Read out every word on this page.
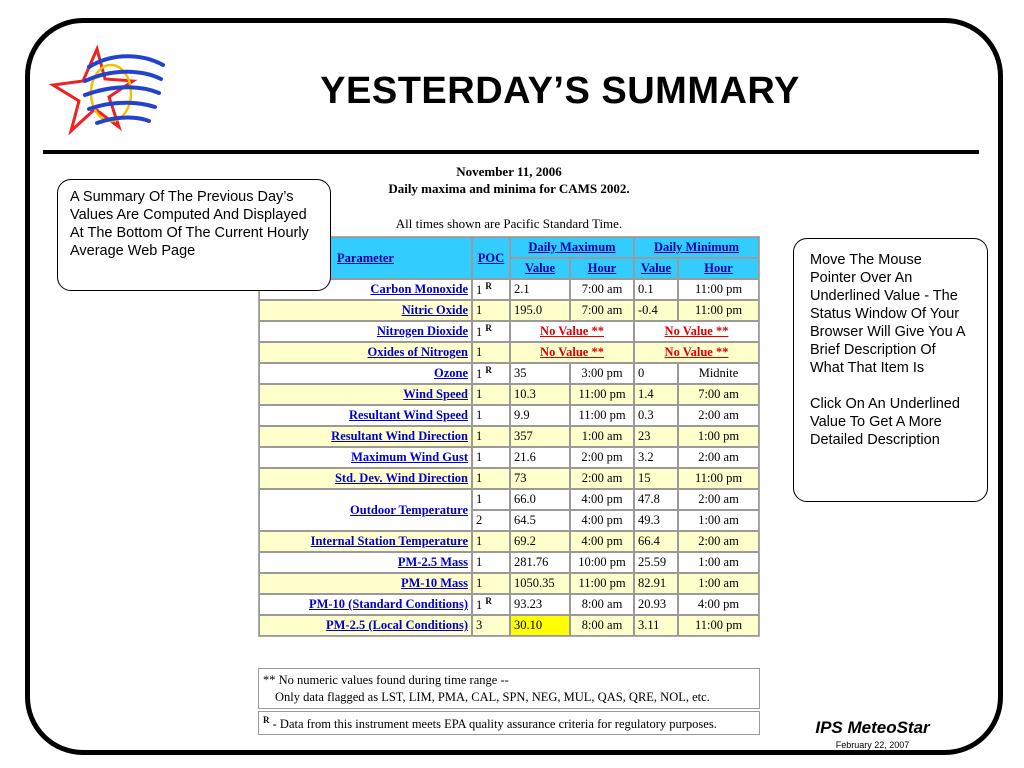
YESTERDAY’S SUMMARY
November 11, 2006
Daily maxima and minima for CAMS 2002.
All times shown are Pacific Standard Time.
Parameter	POC	Daily Maximum		Daily Minimum	
		Value	Hour	Value	Hour
Carbon Monoxide	1 $^R$	2.1	7:00 am	0.1	11:00 pm
Nitric Oxide	1	195.0	7:00 am	-0.4	11:00 pm
Nitrogen Dioxide	1 $^R$	No Value **		No Value **	
Oxides of Nitrogen	1	No Value **		No Value **	
Ozone	1 $^R$	35	3:00 pm	0	Midnite
Wind Speed	1	10.3	11:00 pm	1.4	7:00 am
Resultant Wind Speed	1	9.9	11:00 pm	0.3	2:00 am
Resultant Wind Direction	1	357	1:00 am	23	1:00 pm
Maximum Wind Gust	1	21.6	2:00 pm	3.2	2:00 am
Std. Dev. Wind Direction	1	73	2:00 am	15	11:00 pm
Outdoor Temperature	1	66.0	4:00 pm	47.8	2:00 am
	2	64.5	4:00 pm	49.3	1:00 am
Internal Station Temperature	1	69.2	4:00 pm	66.4	2:00 am
PM-2.5 Mass	1	281.76	10:00 pm	25.59	1:00 am
PM-10 Mass	1	1050.35	11:00 pm	82.91	1:00 am
PM-10 (Standard Conditions)	1 $^R$	93.23	8:00 am	20.93	4:00 pm
PM-2.5 (Local Conditions)	3	30.10	8:00 am	3.11	11:00 pm
** No numeric values found during time range --
Only data flagged as LST, LIM, PMA, CAL, SPN, NEG, MUL, QAS, QRE, NOL, etc.
$^R$ - Data from this instrument meets EPA quality assurance criteria for regulatory purposes.

A Summary Of The Previous Day’s Values Are Computed And Displayed At The Bottom Of The Current Hourly Average Web Page

Move The Mouse Pointer Over An Underlined Value - The Status Window Of Your Browser Will Give You A Brief Description Of What That Item Is

Click On An Underlined Value To Get A More Detailed Description

IPS MeteoStar
February 22, 2007
